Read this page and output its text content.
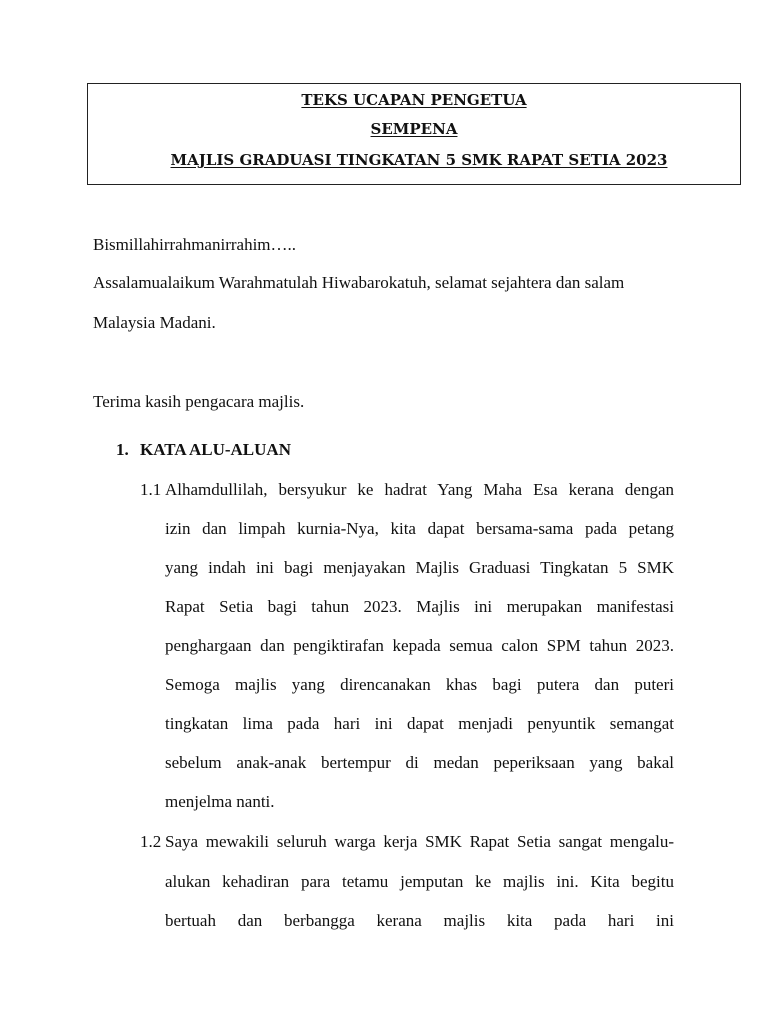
TEKS UCAPAN PENGETUA
SEMPENA
MAJLIS GRADUASI TINGKATAN 5 SMK RAPAT SETIA 2023
Bismillahirrahmanirrahim…..
Assalamualaikum Warahmatulah Hiwabarokatuh, selamat sejahtera dan salam
Malaysia Madani.
Terima kasih pengacara majlis.
1. KATA ALU-ALUAN
1.1 Alhamdullilah, bersyukur ke hadrat Yang Maha Esa kerana dengan
izin dan limpah kurnia-Nya, kita dapat bersama-sama pada petang
yang indah ini bagi menjayakan Majlis Graduasi Tingkatan 5 SMK
Rapat Setia bagi tahun 2023. Majlis ini merupakan manifestasi
penghargaan dan pengiktirafan kepada semua calon SPM tahun 2023.
Semoga majlis yang direncanakan khas bagi putera dan puteri
tingkatan lima pada hari ini dapat menjadi penyuntik semangat
sebelum anak-anak bertempur di medan peperiksaan yang bakal
menjelma nanti.
1.2 Saya mewakili seluruh warga kerja SMK Rapat Setia sangat mengalu-
alukan kehadiran para tetamu jemputan ke majlis ini. Kita begitu
bertuah dan berbangga kerana majlis kita pada hari ini
